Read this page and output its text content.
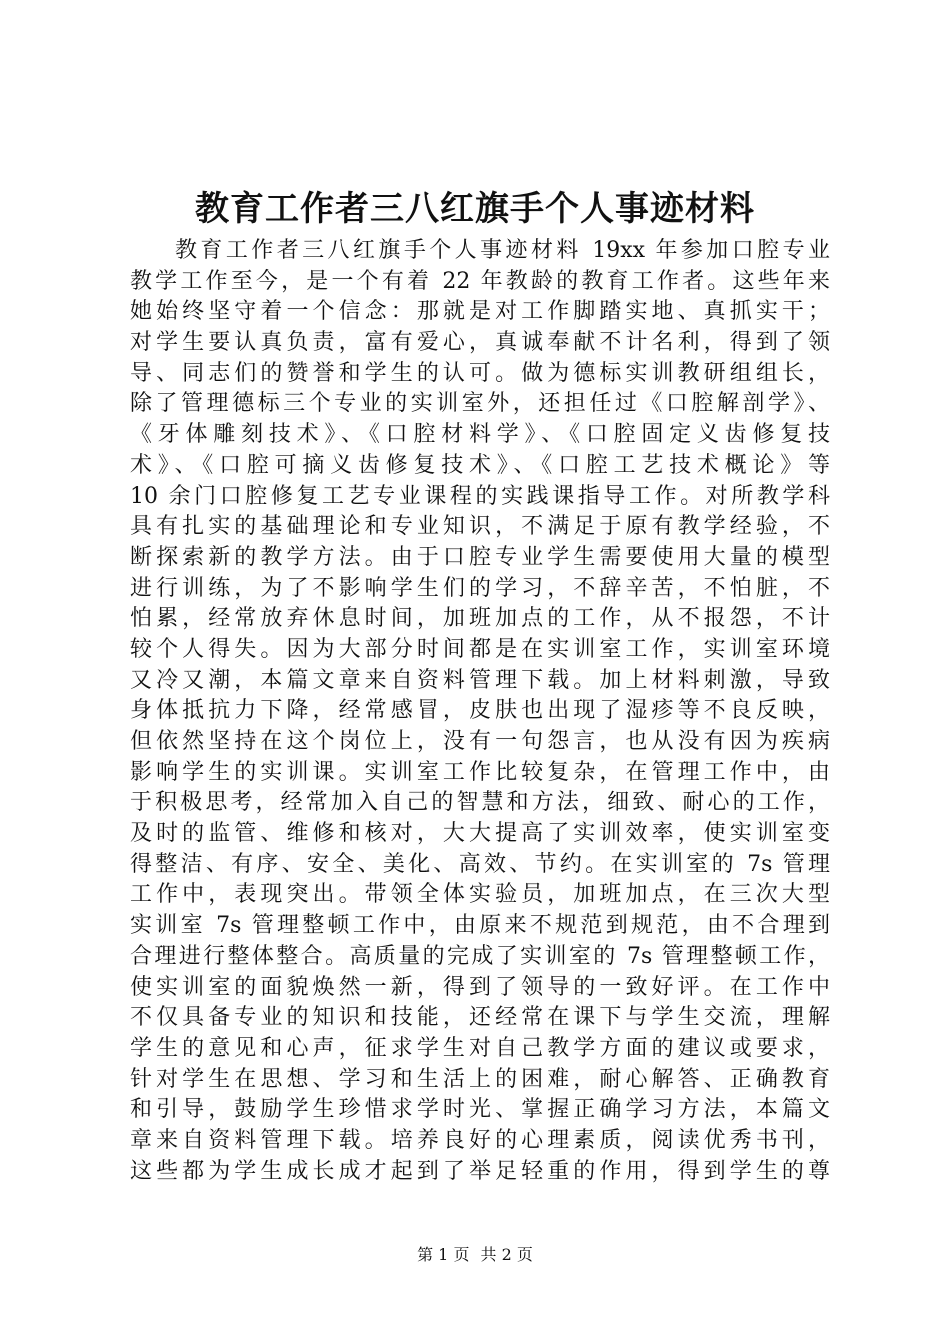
教育工作者三八红旗手个人事迹材料
教育工作者三八红旗手个人事迹材料 19xx 年参加口腔专业
教学工作至今，是一个有着 22 年教龄的教育工作者。这些年来
她始终坚守着一个信念：那就是对工作脚踏实地、真抓实干；
对学生要认真负责，富有爱心，真诚奉献不计名利，得到了领
导、同志们的赞誉和学生的认可。做为德标实训教研组组长，
除了管理德标三个专业的实训室外，还担任过《口腔解剖学》、
《牙体雕刻技术》、《口腔材料学》、《口腔固定义齿修复技
术》、《口腔可摘义齿修复技术》、《口腔工艺技术概论》等
10 余门口腔修复工艺专业课程的实践课指导工作。对所教学科
具有扎实的基础理论和专业知识，不满足于原有教学经验，不
断探索新的教学方法。由于口腔专业学生需要使用大量的模型
进行训练，为了不影响学生们的学习，不辞辛苦，不怕脏，不
怕累，经常放弃休息时间，加班加点的工作，从不报怨，不计
较个人得失。因为大部分时间都是在实训室工作，实训室环境
又冷又潮，本篇文章来自资料管理下载。加上材料刺激，导致
身体抵抗力下降，经常感冒，皮肤也出现了湿疹等不良反映，
但依然坚持在这个岗位上，没有一句怨言，也从没有因为疾病
影响学生的实训课。实训室工作比较复杂，在管理工作中，由
于积极思考，经常加入自己的智慧和方法，细致、耐心的工作，
及时的监管、维修和核对，大大提高了实训效率，使实训室变
得整洁、有序、安全、美化、高效、节约。在实训室的 7s 管理
工作中，表现突出。带领全体实验员，加班加点，在三次大型
实训室 7s 管理整顿工作中，由原来不规范到规范，由不合理到
合理进行整体整合。高质量的完成了实训室的 7s 管理整顿工作，
使实训室的面貌焕然一新，得到了领导的一致好评。在工作中
不仅具备专业的知识和技能，还经常在课下与学生交流，理解
学生的意见和心声，征求学生对自己教学方面的建议或要求，
针对学生在思想、学习和生活上的困难，耐心解答、正确教育
和引导，鼓励学生珍惜求学时光、掌握正确学习方法，本篇文
章来自资料管理下载。培养良好的心理素质，阅读优秀书刊，
这些都为学生成长成才起到了举足轻重的作用，得到学生的尊
第 1 页 共 2 页
